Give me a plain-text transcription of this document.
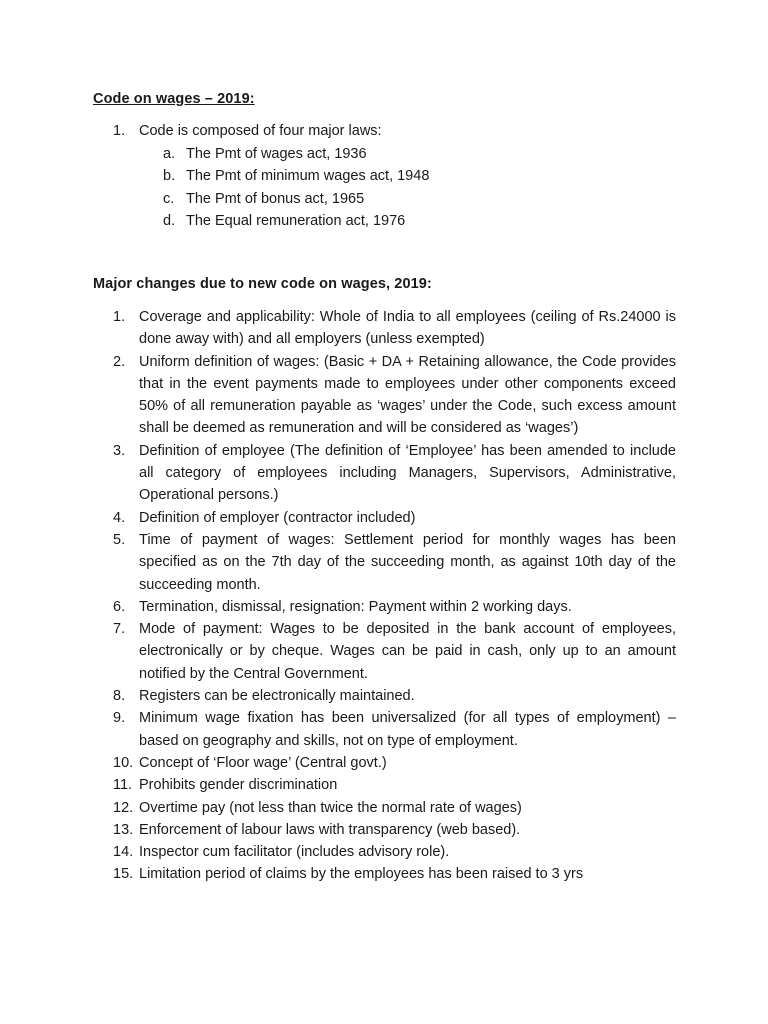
Code on wages – 2019:
1. Code is composed of four major laws:
a. The Pmt of wages act, 1936
b. The Pmt of minimum wages act, 1948
c. The Pmt of bonus act, 1965
d. The Equal remuneration act, 1976
Major changes due to new code on wages, 2019:
1. Coverage and applicability: Whole of India to all employees (ceiling of Rs.24000 is done away with) and all employers (unless exempted)
2. Uniform definition of wages: (Basic + DA + Retaining allowance, the Code provides that in the event payments made to employees under other components exceed 50% of all remuneration payable as ‘wages’ under the Code, such excess amount shall be deemed as remuneration and will be considered as ‘wages’)
3. Definition of employee (The definition of ‘Employee’ has been amended to include all category of employees including Managers, Supervisors, Administrative, Operational persons.)
4. Definition of employer (contractor included)
5. Time of payment of wages: Settlement period for monthly wages has been specified as on the 7th day of the succeeding month, as against 10th day of the succeeding month.
6. Termination, dismissal, resignation: Payment within 2 working days.
7. Mode of payment: Wages to be deposited in the bank account of employees, electronically or by cheque. Wages can be paid in cash, only up to an amount notified by the Central Government.
8. Registers can be electronically maintained.
9. Minimum wage fixation has been universalized (for all types of employment) – based on geography and skills, not on type of employment.
10. Concept of ‘Floor wage’ (Central govt.)
11. Prohibits gender discrimination
12. Overtime pay (not less than twice the normal rate of wages)
13. Enforcement of labour laws with transparency (web based).
14. Inspector cum facilitator (includes advisory role).
15. Limitation period of claims by the employees has been raised to 3 yrs
